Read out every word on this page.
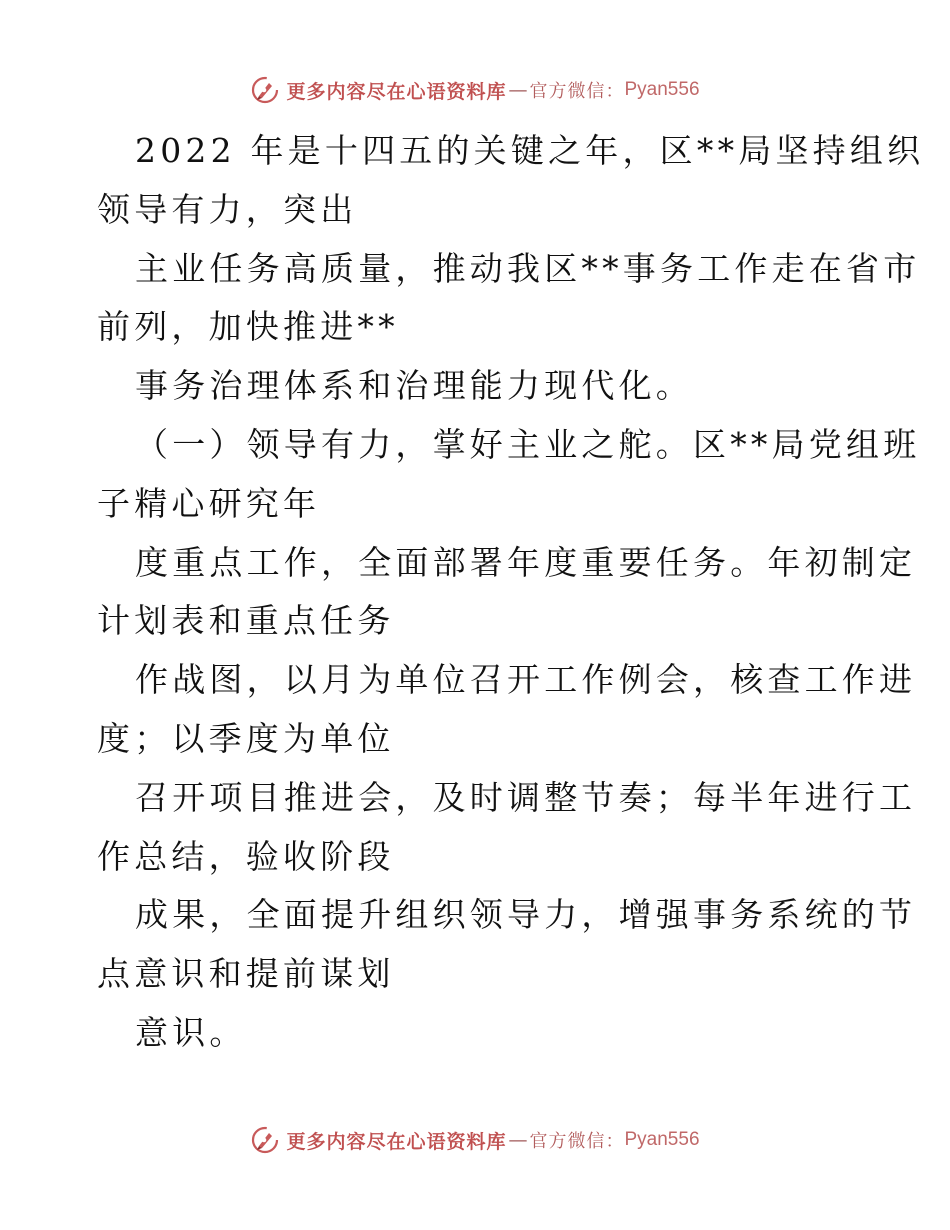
更多内容尽在心语资料库 — 官方微信： Pyan556
2022 年是十四五的关键之年，区**局坚持组织
领导有力，突出
主业任务高质量，推动我区**事务工作走在省市
前列，加快推进**
事务治理体系和治理能力现代化。
（一）领导有力，掌好主业之舵。区**局党组班
子精心研究年
度重点工作，全面部署年度重要任务。年初制定
计划表和重点任务
作战图，以月为单位召开工作例会，核查工作进
度；以季度为单位
召开项目推进会，及时调整节奏；每半年进行工
作总结，验收阶段
成果，全面提升组织领导力，增强事务系统的节
点意识和提前谋划
意识。
更多内容尽在心语资料库 — 官方微信： Pyan556
